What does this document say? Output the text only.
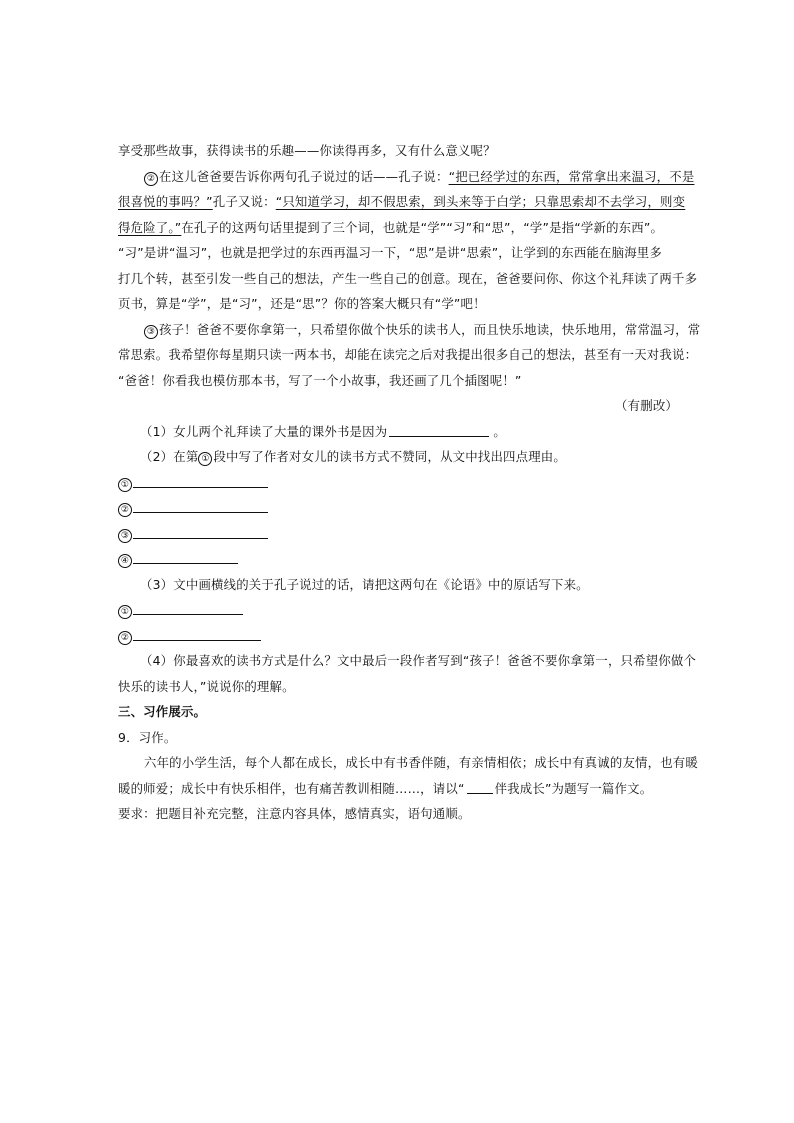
享受那些故事，获得读书的乐趣——你读得再多，又有什么意义呢？
② 在这儿爸爸要告诉你两句孔子说过的话——孔子说：“把已经学过的东西，常常拿出来温习，不是
很喜悦的事吗？”孔子又说：“只知道学习，却不假思索，到头来等于白学；只靠思索却不去学习，则变
得危险了。”在孔子的这两句话里提到了三个词，也就是“学”“习”和“思”，“学”是指“学新的东西”。
“习”是讲“温习”，也就是把学过的东西再温习一下，“思”是讲“思索”，让学到的东西能在脑海里多
打几个转，甚至引发一些自己的想法，产生一些自己的创意。现在，爸爸要问你、你这个礼拜读了两千多
页书，算是“学”，是“习”，还是“思”？你的答案大概只有“学”吧！
③ 孩子！爸爸不要你拿第一，只希望你做个快乐的读书人，而且快乐地读，快乐地用，常常温习，常
常思索。我希望你每星期只读一两本书，却能在读完之后对我提出很多自己的想法，甚至有一天对我说：
“爸爸！你看我也模仿那本书，写了一个小故事，我还画了几个插图呢！”
（有删改）
（1）女儿两个礼拜读了大量的课外书是因为	。
（2）在第 ① 段中写了作者对女儿的读书方式不赞同，从文中找出四点理由。
①
②
③
④
（3）文中画横线的关于孔子说过的话，请把这两句在《论语》中的原话写下来。
①
②
（4）你最喜欢的读书方式是什么？文中最后一段作者写到“孩子！爸爸不要你拿第一，只希望你做个
快乐的读书人，”说说你的理解。
三、习作展示。
9．习作。
六年的小学生活，每个人都在成长，成长中有书香伴随，有亲情相依；成长中有真诚的友情，也有暖
暖的师爱；成长中有快乐相伴，也有痛苦教训相随……，请以“ 伴我成长”为题写一篇作文。
要求：把题目补充完整，注意内容具体，感情真实，语句通顺。
